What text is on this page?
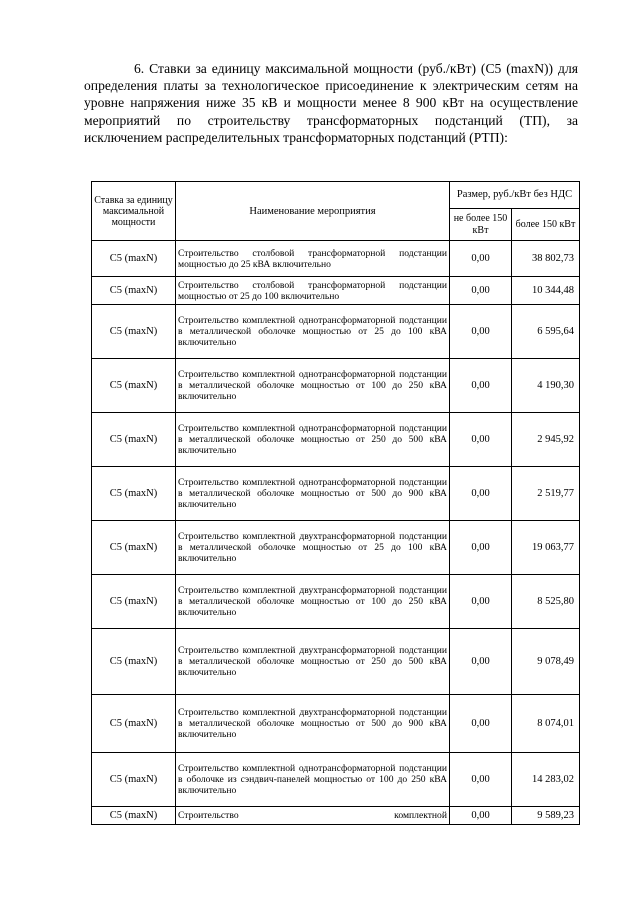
6. Ставки за единицу максимальной мощности (руб./кВт) (С5 (maxN)) для определения платы за технологическое присоединение к электрическим сетям на уровне напряжения ниже 35 кВ и мощности менее 8 900 кВт на осуществление мероприятий по строительству трансформаторных подстанций (ТП), за исключением распределительных трансформаторных подстанций (РТП):

Ставка за единицу максимальной мощности	Наименование мероприятия	Размер, руб./кВт без НДС	
		не более 150 кВт	более 150 кВт
С5 (maxN)	Строительство столбовой трансформаторной подстанции мощностью до 25 кВА включительно	0,00	38 802,73
С5 (maxN)	Строительство столбовой трансформаторной подстанции мощностью от 25 до 100 включительно	0,00	10 344,48
С5 (maxN)	Строительство комплектной однотрансформаторной подстанции в металлической оболочке мощностью от 25 до 100 кВА включительно	0,00	6 595,64
С5 (maxN)	Строительство комплектной однотрансформаторной подстанции в металлической оболочке мощностью от 100 до 250 кВА включительно	0,00	4 190,30
С5 (maxN)	Строительство комплектной однотрансформаторной подстанции в металлической оболочке мощностью от 250 до 500 кВА включительно	0,00	2 945,92
С5 (maxN)	Строительство комплектной однотрансформаторной подстанции в металлической оболочке мощностью от 500 до 900 кВА включительно	0,00	2 519,77
С5 (maxN)	Строительство комплектной двухтрансформаторной подстанции в металлической оболочке мощностью от 25 до 100 кВА включительно	0,00	19 063,77
С5 (maxN)	Строительство комплектной двухтрансформаторной подстанции в металлической оболочке мощностью от 100 до 250 кВА включительно	0,00	8 525,80
С5 (maxN)	Строительство комплектной двухтрансформаторной подстанции в металлической оболочке мощностью от 250 до 500 кВА включительно	0,00	9 078,49
С5 (maxN)	Строительство комплектной двухтрансформаторной подстанции в металлической оболочке мощностью от 500 до 900 кВА включительно	0,00	8 074,01
С5 (maxN)	Строительство комплектной однотрансформаторной подстанции в оболочке из сэндвич-панелей мощностью от 100 до 250 кВА включительно	0,00	14 283,02
С5 (maxN)	Строительство комплектной	0,00	9 589,23
